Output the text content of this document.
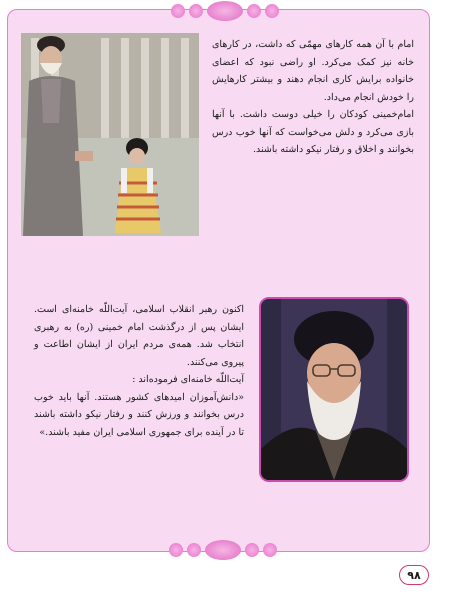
امام با آن همه کارهای مهمّی که داشت، در کارهای خانه نیز کمک می‌کرد. او راضی نبود که اعضای خانواده برایش کاری انجام دهند و بیشتر کارهایش را خودش انجام می‌داد.

امام‌خمینی کودکان را خیلی دوست داشت. با آنها بازی می‌کرد و دلش می‌خواست که آنها خوب درس بخوانند و اخلاق و رفتار نیکو داشته باشند.

اکنون رهبر انقلاب اسلامی، آیت‌اللّه خامنه‌ای است. ایشان پس از درگذشت امام خمینی (ره) به رهبری انتخاب شد. همه‌ی مردم ایران از ایشان اطاعت و پیروی می‌کنند.

آیت‌اللّه خامنه‌ای فرموده‌اند :

«دانش‌آموزان امیدهای کشور هستند. آنها باید خوب درس بخوانند و ورزش کنند و رفتار نیکو داشته باشند تا در آینده برای جمهوری اسلامی ایران مفید باشند.»

۹۸
